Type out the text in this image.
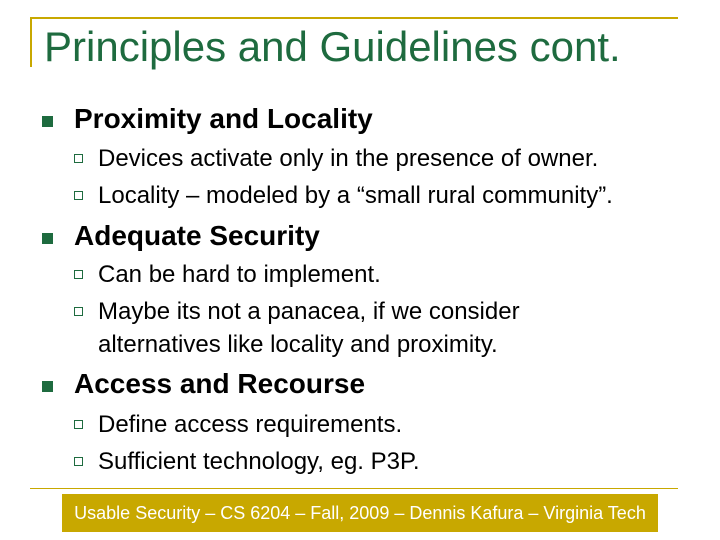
Principles and Guidelines cont.
Proximity and Locality
Devices activate only in the presence of owner.
Locality – modeled by a “small rural community”.
Adequate Security
Can be hard to implement.
Maybe its not a panacea, if we consider
alternatives like locality and proximity.
Access and Recourse
Define access requirements.
Sufficient technology, eg. P3P.
Usable Security – CS 6204 – Fall, 2009 – Dennis Kafura – Virginia Tech
